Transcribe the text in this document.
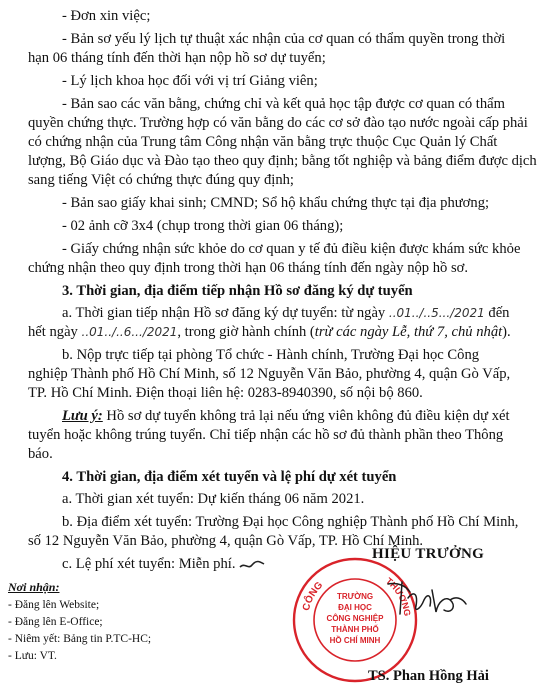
- Đơn xin việc;
- Bản sơ yếu lý lịch tự thuật xác nhận của cơ quan có thẩm quyền trong thời
hạn 06 tháng tính đến thời hạn nộp hồ sơ dự tuyển;
- Lý lịch khoa học đối với vị trí Giảng viên;
- Bản sao các văn bằng, chứng chỉ và kết quả học tập được cơ quan có thẩm
quyền chứng thực. Trường hợp có văn bằng do các cơ sở đào tạo nước ngoài cấp phải
có chứng nhận của Trung tâm Công nhận văn bằng trực thuộc Cục Quản lý Chất
lượng, Bộ Giáo dục và Đào tạo theo quy định; bằng tốt nghiệp và bảng điểm được dịch
sang tiếng Việt có chứng thực đúng quy định;
- Bản sao giấy khai sinh; CMND; Sổ hộ khẩu chứng thực tại địa phương;
- 02 ảnh cỡ 3x4 (chụp trong thời gian 06 tháng);
- Giấy chứng nhận sức khỏe do cơ quan y tế đủ điều kiện được khám sức khỏe
chứng nhận theo quy định trong thời hạn 06 tháng tính đến ngày nộp hồ sơ.
3. Thời gian, địa điểm tiếp nhận Hồ sơ đăng ký dự tuyển
a. Thời gian tiếp nhận Hồ sơ đăng ký dự tuyển: từ ngày ..01../..5.../2021 đến
hết ngày ..01../..6.../2021, trong giờ hành chính (trừ các ngày Lễ, thứ 7, chủ nhật).
b. Nộp trực tiếp tại phòng Tổ chức - Hành chính, Trường Đại học Công
nghiệp Thành phố Hồ Chí Minh, số 12 Nguyễn Văn Bảo, phường 4, quận Gò Vấp,
TP. Hồ Chí Minh. Điện thoại liên hệ: 0283-8940390, số nội bộ 860.
Lưu ý: Hồ sơ dự tuyển không trả lại nếu ứng viên không đủ điều kiện dự xét
tuyển hoặc không trúng tuyển. Chỉ tiếp nhận các hồ sơ đủ thành phần theo Thông
báo.
4. Thời gian, địa điểm xét tuyển và lệ phí dự xét tuyển
a. Thời gian xét tuyển: Dự kiến tháng 06 năm 2021.
b. Địa điểm xét tuyển: Trường Đại học Công nghiệp Thành phố Hồ Chí Minh,
số 12 Nguyễn Văn Bảo, phường 4, quận Gò Vấp, TP. Hồ Chí Minh.
c. Lệ phí xét tuyển: Miễn phí.
Nơi nhận:
- Đăng lên Website;
- Đăng lên E-Office;
- Niêm yết: Bảng tin P.TC-HC;
- Lưu: VT.
HIỆU TRƯỞNG
CÔNG	THƯƠNG
TRƯỜNG
ĐẠI HỌC
CÔNG NGHIỆP
THÀNH PHỐ
HỒ CHÍ MINH
TS. Phan Hồng Hải
